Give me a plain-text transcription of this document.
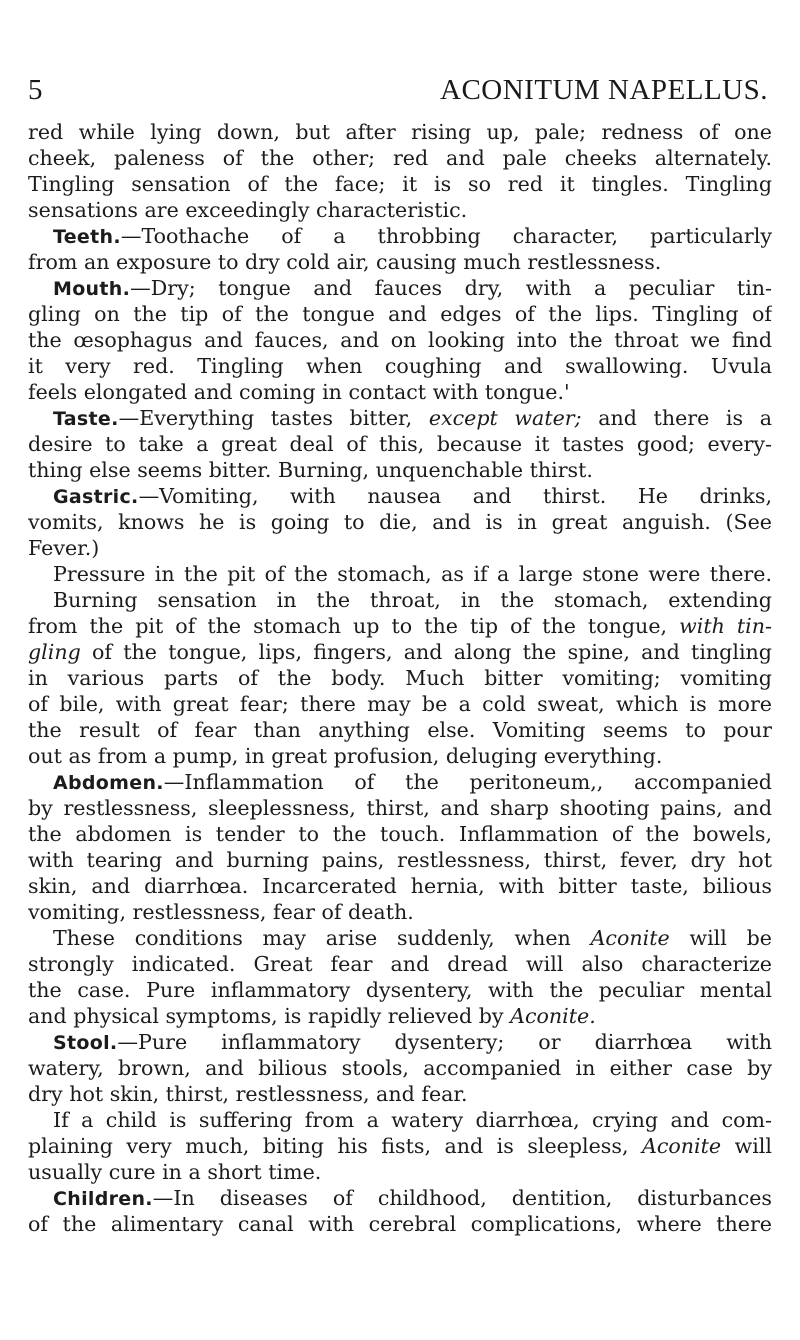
5	ACONITUM NAPELLUS.
red while lying down, but after rising up, pale; redness of one
cheek, paleness of the other; red and pale cheeks alternately.
Tingling sensation of the face; it is so red it tingles. Tingling
sensations are exceedingly characteristic.
Teeth.—Toothache of a throbbing character, particularly
from an exposure to dry cold air, causing much restlessness.
Mouth.—Dry; tongue and fauces dry, with a peculiar tin-
gling on the tip of the tongue and edges of the lips. Tingling of
the œsophagus and fauces, and on looking into the throat we find
it very red. Tingling when coughing and swallowing. Uvula
feels elongated and coming in contact with tongue.'
Taste.—Everything tastes bitter, except water; and there is a
desire to take a great deal of this, because it tastes good; every-
thing else seems bitter. Burning, unquenchable thirst.
Gastric.—Vomiting, with nausea and thirst. He drinks,
vomits, knows he is going to die, and is in great anguish. (See
Fever.)
Pressure in the pit of the stomach, as if a large stone were there.
Burning sensation in the throat, in the stomach, extending
from the pit of the stomach up to the tip of the tongue, with tin-
gling of the tongue, lips, fingers, and along the spine, and tingling
in various parts of the body. Much bitter vomiting; vomiting
of bile, with great fear; there may be a cold sweat, which is more
the result of fear than anything else. Vomiting seems to pour
out as from a pump, in great profusion, deluging everything.
Abdomen.—Inflammation of the peritoneum,, accompanied
by restlessness, sleeplessness, thirst, and sharp shooting pains, and
the abdomen is tender to the touch. Inflammation of the bowels,
with tearing and burning pains, restlessness, thirst, fever, dry hot
skin, and diarrhœa. Incarcerated hernia, with bitter taste, bilious
vomiting, restlessness, fear of death.
These conditions may arise suddenly, when Aconite will be
strongly indicated. Great fear and dread will also characterize
the case. Pure inflammatory dysentery, with the peculiar mental
and physical symptoms, is rapidly relieved by Aconite.
Stool.—Pure inflammatory dysentery; or diarrhœa with
watery, brown, and bilious stools, accompanied in either case by
dry hot skin, thirst, restlessness, and fear.
If a child is suffering from a watery diarrhœa, crying and com-
plaining very much, biting his fists, and is sleepless, Aconite will
usually cure in a short time.
Children.—In diseases of childhood, dentition, disturbances
of the alimentary canal with cerebral complications, where there
